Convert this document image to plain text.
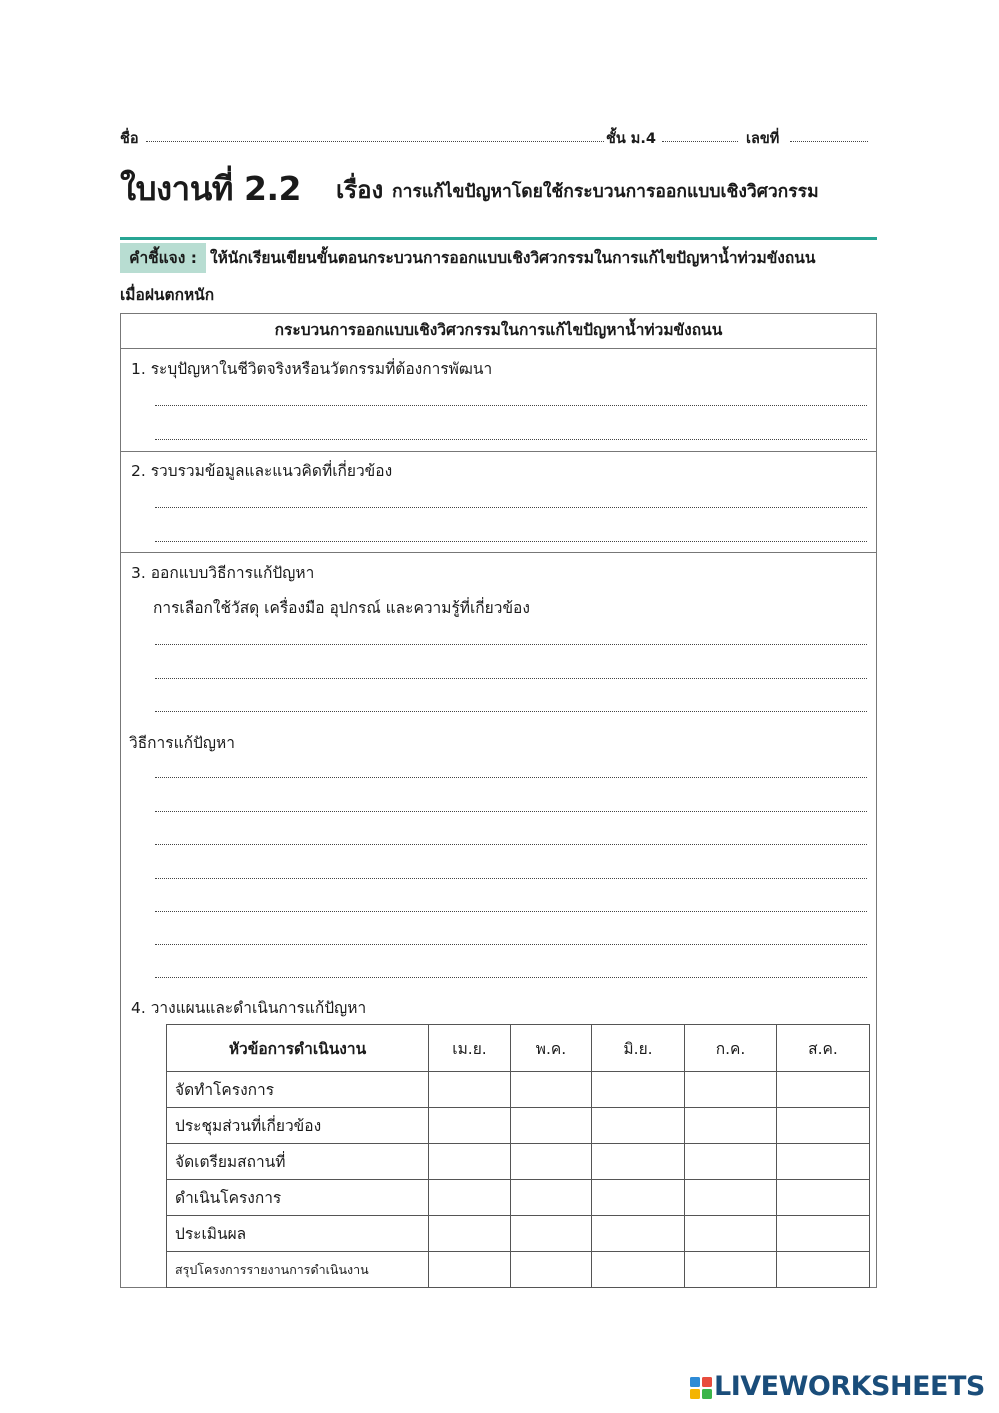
ชื่อ	ชั้น ม.4	เลขที่
ใบงานที่ 2.2 เรื่อง การแก้ไขปัญหาโดยใช้กระบวนการออกแบบเชิงวิศวกรรม
คำชี้แจง : ให้นักเรียนเขียนขั้นตอนกระบวนการออกแบบเชิงวิศวกรรมในการแก้ไขปัญหาน้ำท่วมขังถนน
เมื่อฝนตกหนัก
กระบวนการออกแบบเชิงวิศวกรรมในการแก้ไขปัญหาน้ำท่วมขังถนน
1. ระบุปัญหาในชีวิตจริงหรือนวัตกรรมที่ต้องการพัฒนา
2. รวบรวมข้อมูลและแนวคิดที่เกี่ยวข้อง
3. ออกแบบวิธีการแก้ปัญหา
การเลือกใช้วัสดุ เครื่องมือ อุปกรณ์ และความรู้ที่เกี่ยวข้อง
วิธีการแก้ปัญหา
4. วางแผนและดำเนินการแก้ปัญหา
หัวข้อการดำเนินงาน	เม.ย.	พ.ค.	มิ.ย.	ก.ค.	ส.ค.
จัดทำโครงการ					
ประชุมส่วนที่เกี่ยวข้อง					
จัดเตรียมสถานที่					
ดำเนินโครงการ					
ประเมินผล					
สรุปโครงการรายงานการดำเนินงาน					
LIVEWORKSHEETS
